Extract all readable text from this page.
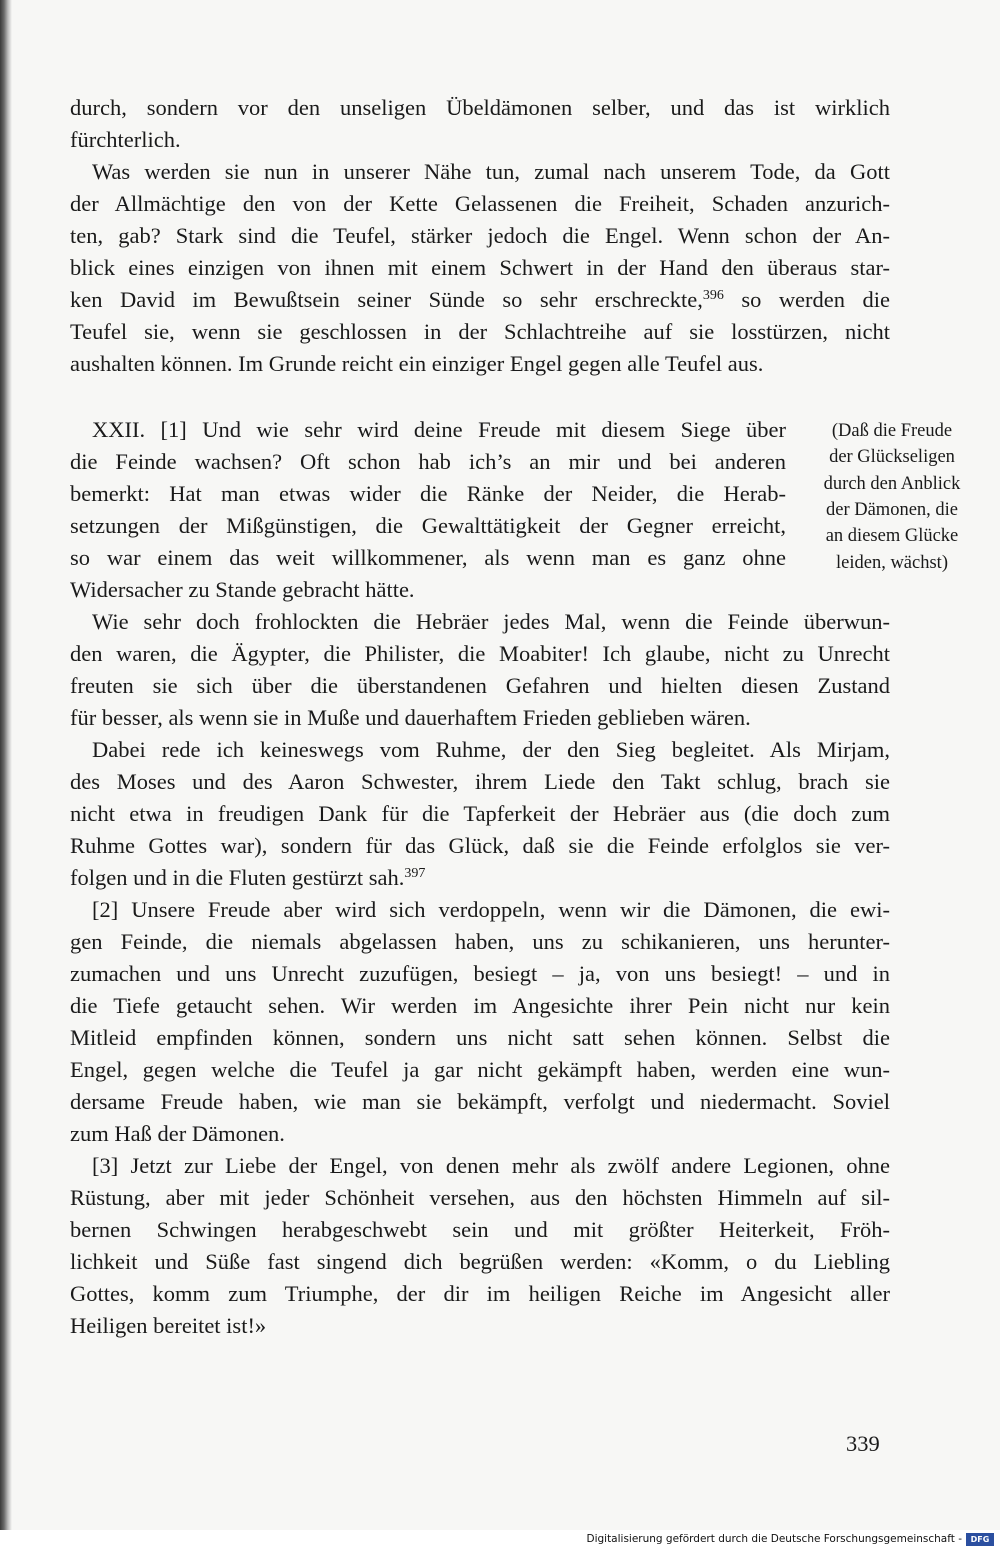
durch, sondern vor den unseligen Übeldämonen selber, und das ist wirklich
fürchterlich.
Was werden sie nun in unserer Nähe tun, zumal nach unserem Tode, da Gott
der Allmächtige den von der Kette Gelassenen die Freiheit, Schaden anzurich-
ten, gab? Stark sind die Teufel, stärker jedoch die Engel. Wenn schon der An-
blick eines einzigen von ihnen mit einem Schwert in der Hand den überaus star-
ken David im Bewußtsein seiner Sünde so sehr erschreckte,$^{396}$ so werden die
Teufel sie, wenn sie geschlossen in der Schlachtreihe auf sie losstürzen, nicht
aushalten können. Im Grunde reicht ein einziger Engel gegen alle Teufel aus.
XXII. [1] Und wie sehr wird deine Freude mit diesem Siege über
die Feinde wachsen? Oft schon hab ich’s an mir und bei anderen
bemerkt: Hat man etwas wider die Ränke der Neider, die Herab-
setzungen der Mißgünstigen, die Gewalttätigkeit der Gegner erreicht,
so war einem das weit willkommener, als wenn man es ganz ohne
Widersacher zu Stande gebracht hätte.
(Daß die Freude
der Glückseligen
durch den Anblick
der Dämonen, die
an diesem Glücke
leiden, wächst)
Wie sehr doch frohlockten die Hebräer jedes Mal, wenn die Feinde überwun-
den waren, die Ägypter, die Philister, die Moabiter! Ich glaube, nicht zu Unrecht
freuten sie sich über die überstandenen Gefahren und hielten diesen Zustand
für besser, als wenn sie in Muße und dauerhaftem Frieden geblieben wären.
Dabei rede ich keineswegs vom Ruhme, der den Sieg begleitet. Als Mirjam,
des Moses und des Aaron Schwester, ihrem Liede den Takt schlug, brach sie
nicht etwa in freudigen Dank für die Tapferkeit der Hebräer aus (die doch zum
Ruhme Gottes war), sondern für das Glück, daß sie die Feinde erfolglos sie ver-
folgen und in die Fluten gestürzt sah.$^{397}$
[2] Unsere Freude aber wird sich verdoppeln, wenn wir die Dämonen, die ewi-
gen Feinde, die niemals abgelassen haben, uns zu schikanieren, uns herunter-
zumachen und uns Unrecht zuzufügen, besiegt – ja, von uns besiegt! – und in
die Tiefe getaucht sehen. Wir werden im Angesichte ihrer Pein nicht nur kein
Mitleid empfinden können, sondern uns nicht satt sehen können. Selbst die
Engel, gegen welche die Teufel ja gar nicht gekämpft haben, werden eine wun-
dersame Freude haben, wie man sie bekämpft, verfolgt und niedermacht. Soviel
zum Haß der Dämonen.
[3] Jetzt zur Liebe der Engel, von denen mehr als zwölf andere Legionen, ohne
Rüstung, aber mit jeder Schönheit versehen, aus den höchsten Himmeln auf sil-
bernen Schwingen herabgeschwebt sein und mit größter Heiterkeit, Fröh-
lichkeit und Süße fast singend dich begrüßen werden: «Komm, o du Liebling
Gottes, komm zum Triumphe, der dir im heiligen Reiche im Angesicht aller
Heiligen bereitet ist!»
339
Digitalisierung gefördert durch die Deutsche Forschungsgemeinschaft -	DFG
